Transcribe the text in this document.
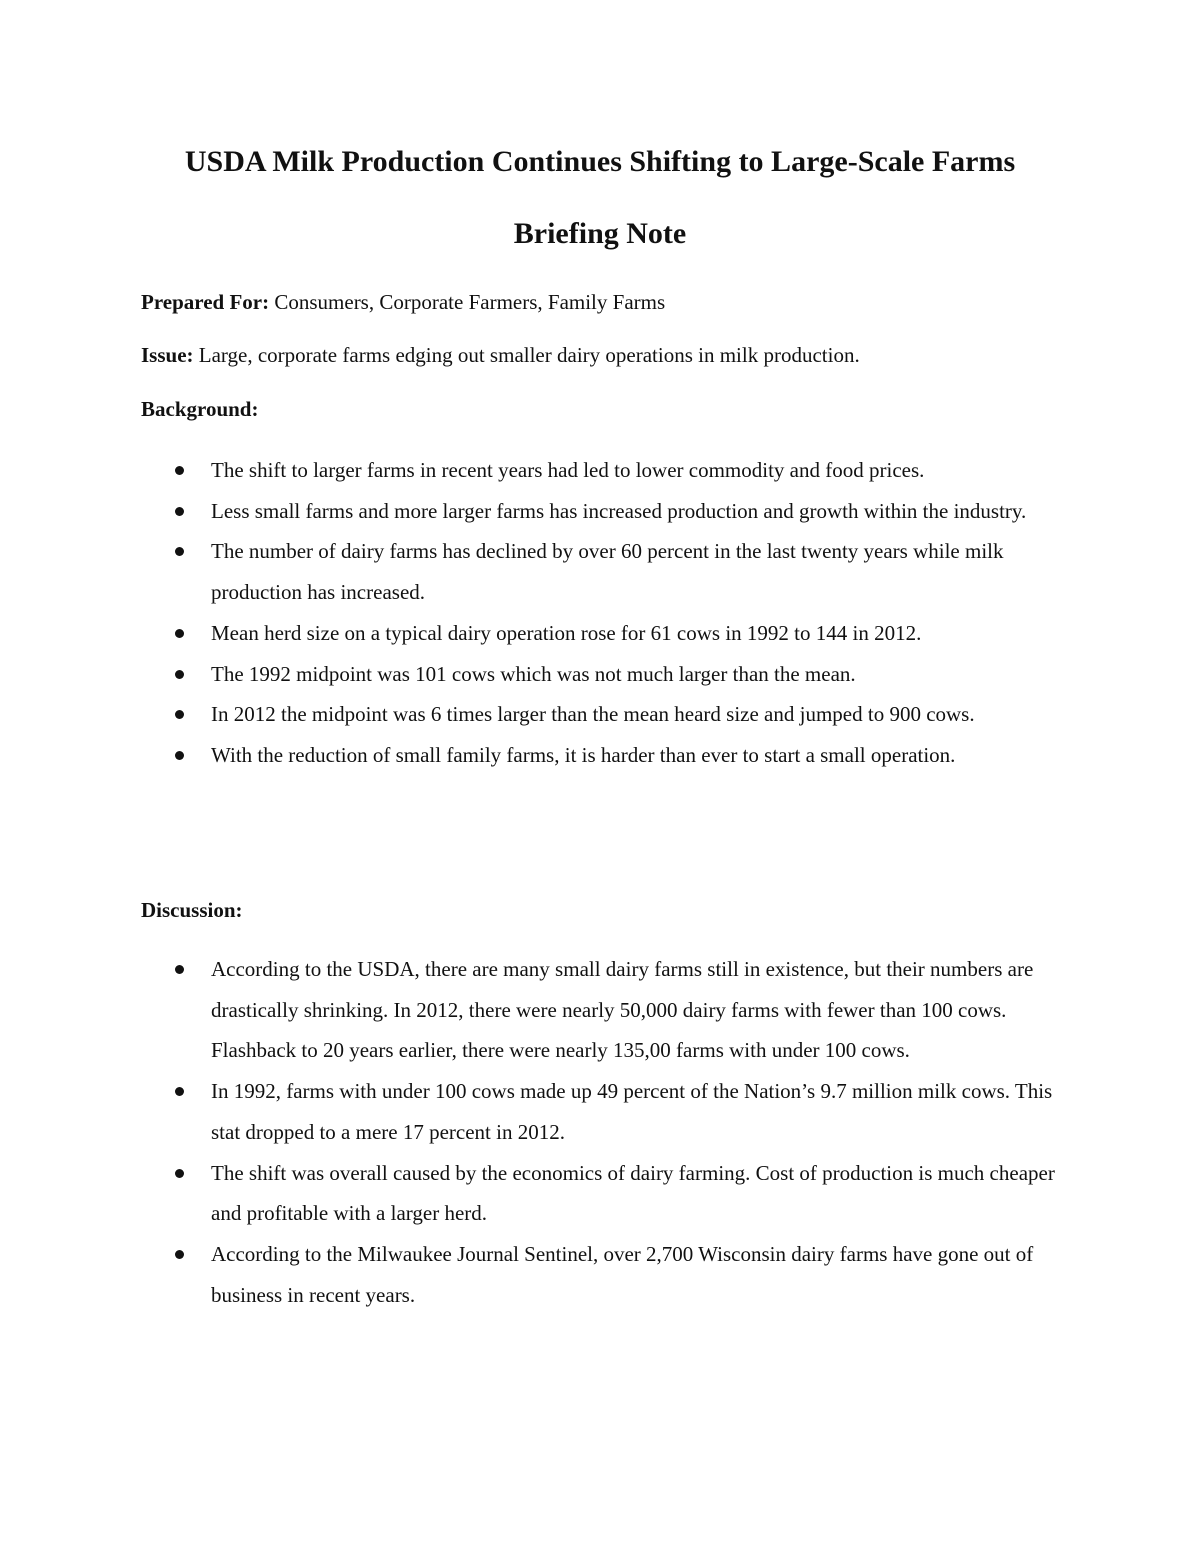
USDA Milk Production Continues Shifting to Large-Scale Farms
Briefing Note

Prepared For: Consumers, Corporate Farmers, Family Farms

Issue: Large, corporate farms edging out smaller dairy operations in milk production.

Background:
The shift to larger farms in recent years had led to lower commodity and food prices.
Less small farms and more larger farms has increased production and growth within the industry.
The number of dairy farms has declined by over 60 percent in the last twenty years while milk production has increased.
Mean herd size on a typical dairy operation rose for 61 cows in 1992 to 144 in 2012.
The 1992 midpoint was 101 cows which was not much larger than the mean.
In 2012 the midpoint was 6 times larger than the mean heard size and jumped to 900 cows.
With the reduction of small family farms, it is harder than ever to start a small operation.
Discussion:
According to the USDA, there are many small dairy farms still in existence, but their numbers are drastically shrinking. In 2012, there were nearly 50,000 dairy farms with fewer than 100 cows. Flashback to 20 years earlier, there were nearly 135,00 farms with under 100 cows.
In 1992, farms with under 100 cows made up 49 percent of the Nation’s 9.7 million milk cows. This stat dropped to a mere 17 percent in 2012.
The shift was overall caused by the economics of dairy farming. Cost of production is much cheaper and profitable with a larger herd.
According to the Milwaukee Journal Sentinel, over 2,700 Wisconsin dairy farms have gone out of business in recent years.
